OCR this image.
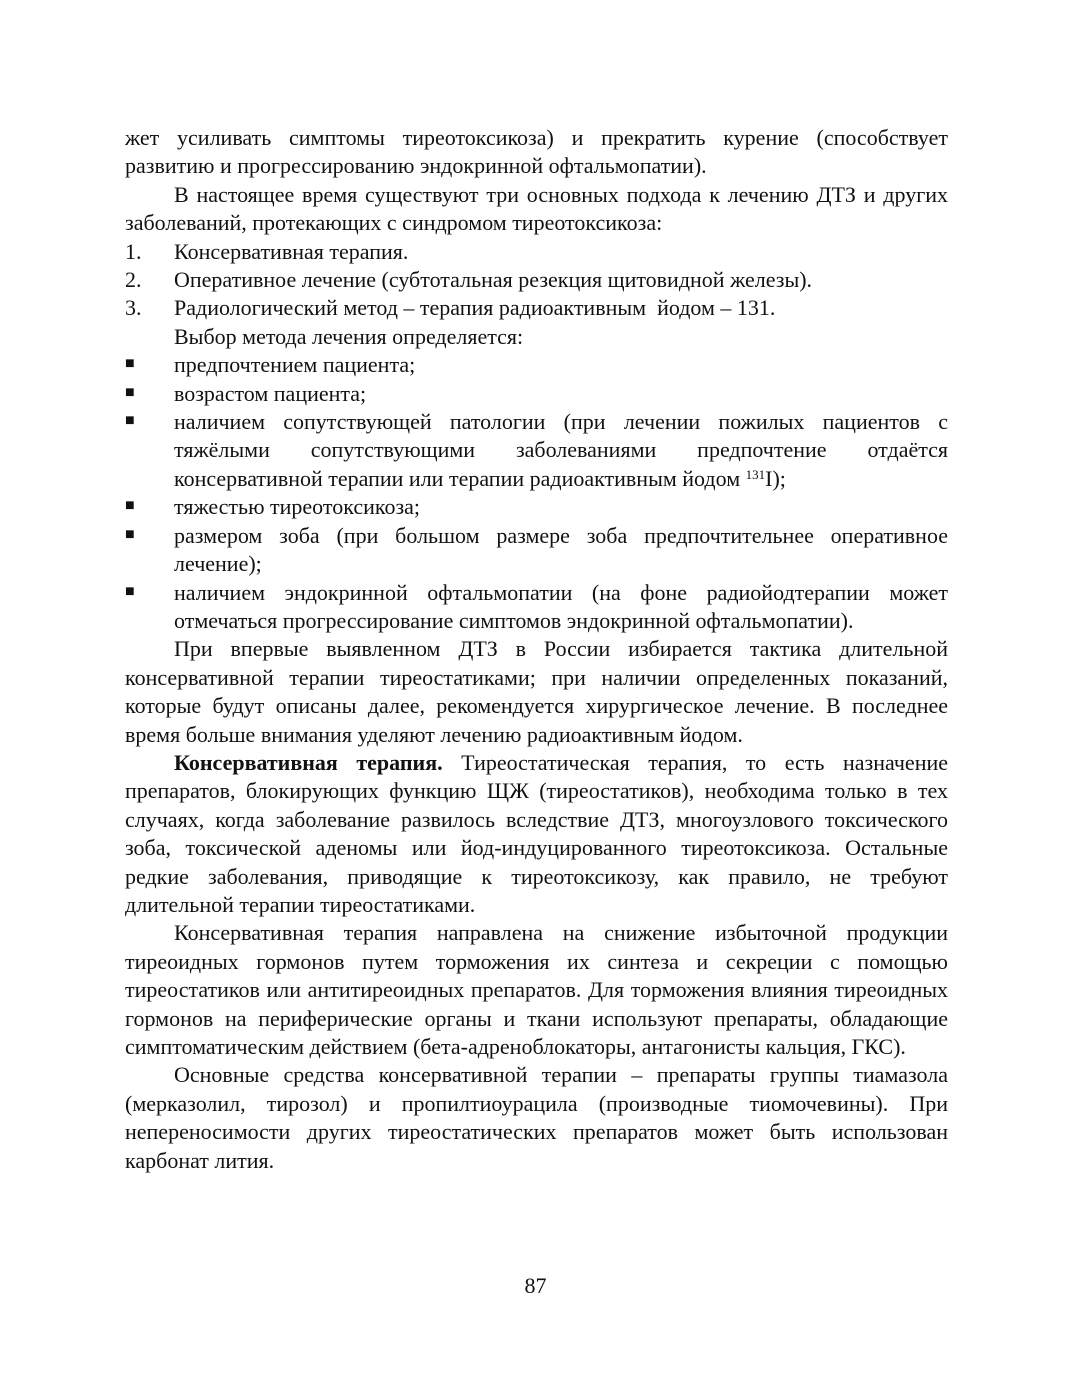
жет усиливать симптомы тиреотоксикоза) и прекратить курение (способствует развитию и прогрессированию эндокринной офтальмопатии).

В настоящее время существуют три основных подхода к лечению ДТЗ и других заболеваний, протекающих с синдромом тиреотоксикоза:

1.	Консервативная терапия.
2.	Оперативное лечение (субтотальная резекция щитовидной железы).
3.	Радиологический метод – терапия радиоактивным  йодом – 131.

Выбор метода лечения определяется:

■	предпочтением пациента;
■	возрастом пациента;
■	наличием сопутствующей патологии (при лечении пожилых пациентов с тяжёлыми сопутствующими заболеваниями предпочтение отдаётся консервативной терапии или терапии радиоактивным йодом $^{131}$I);
■	тяжестью тиреотоксикоза;
■	размером зоба (при большом размере зоба предпочтительнее оперативное лечение);
■	наличием эндокринной офтальмопатии (на фоне радиойодтерапии может отмечаться прогрессирование симптомов эндокринной офтальмопатии).

При впервые выявленном ДТЗ в России избирается тактика длительной консервативной терапии тиреостатиками; при наличии определенных показаний, которые будут описаны далее, рекомендуется хирургическое лечение. В последнее время больше внимания уделяют лечению радиоактивным йодом.

Консервативная терапия. Тиреостатическая терапия, то есть назначение препаратов, блокирующих функцию ЩЖ (тиреостатиков), необходима только в тех случаях, когда заболевание развилось вследствие ДТЗ, многоузлового токсического зоба, токсической аденомы или йод-индуцированного тиреотоксикоза. Остальные редкие заболевания, приводящие к тиреотоксикозу, как правило, не требуют длительной терапии тиреостатиками.

Консервативная терапия направлена на снижение избыточной продукции тиреоидных гормонов путем торможения их синтеза и секреции с помощью тиреостатиков или антитиреоидных препаратов. Для торможения влияния тиреоидных гормонов на периферические органы и ткани используют препараты, обладающие симптоматическим действием (бета-адреноблокаторы, антагонисты кальция, ГКС).

Основные средства консервативной терапии – препараты группы тиамазола (мерказолил, тирозол) и пропилтиоурацила (производные тиомочевины). При непереносимости других тиреостатических препаратов может быть использован карбонат лития.

87
